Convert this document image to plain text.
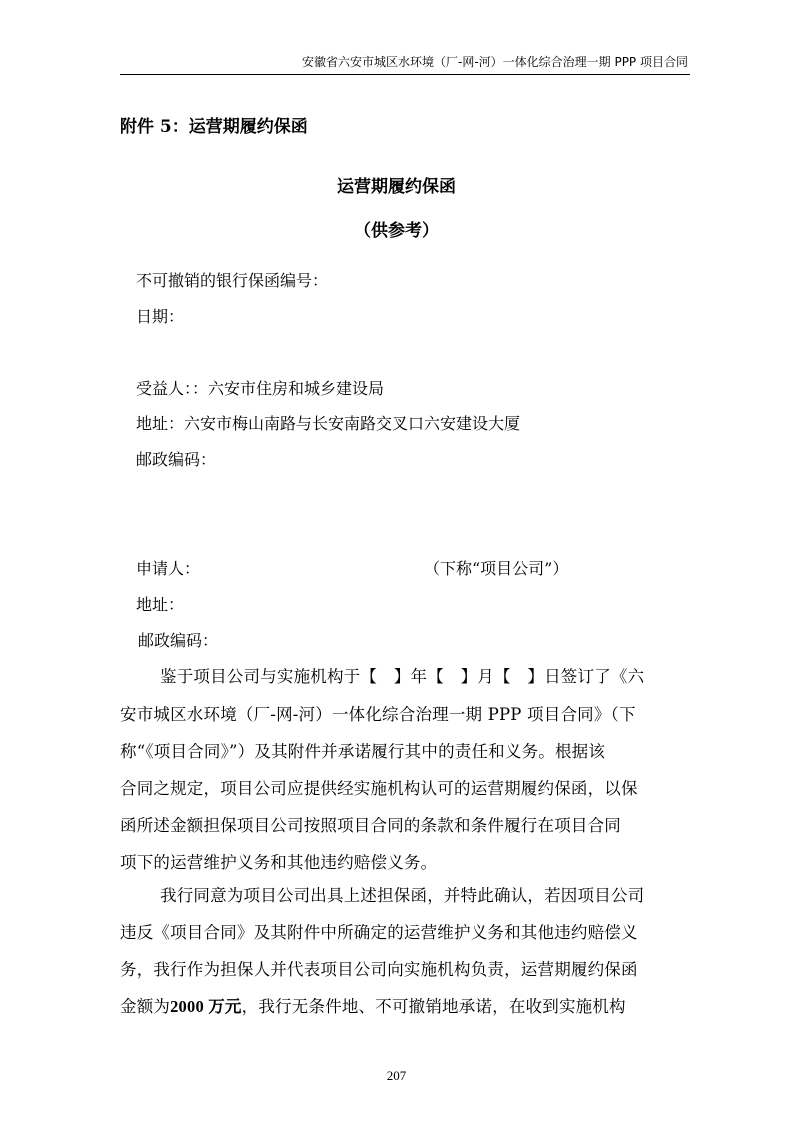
安徽省六安市城区水环境（厂-网-河）一体化综合治理一期 PPP 项目合同
附件 5：运营期履约保函
运营期履约保函
（供参考）
不可撤销的银行保函编号：
日期：
受益人：：六安市住房和城乡建设局
地址：六安市梅山南路与长安南路交叉口六安建设大厦
邮政编码：
申请人：	（下称“项目公司”）
地址：
邮政编码：
鉴于项目公司与实施机构于【　】年【　】月【　】日签订了《六
安市城区水环境（厂-网-河）一体化综合治理一期 PPP 项目合同》（下
称“《项目合同》”）及其附件并承诺履行其中的责任和义务。根据该
合同之规定，项目公司应提供经实施机构认可的运营期履约保函，以保
函所述金额担保项目公司按照项目合同的条款和条件履行在项目合同
项下的运营维护义务和其他违约赔偿义务。
我行同意为项目公司出具上述担保函，并特此确认，若因项目公司
违反《项目合同》及其附件中所确定的运营维护义务和其他违约赔偿义
务，我行作为担保人并代表项目公司向实施机构负责，运营期履约保函
金额为2000 万元，我行无条件地、不可撤销地承诺，在收到实施机构
207
